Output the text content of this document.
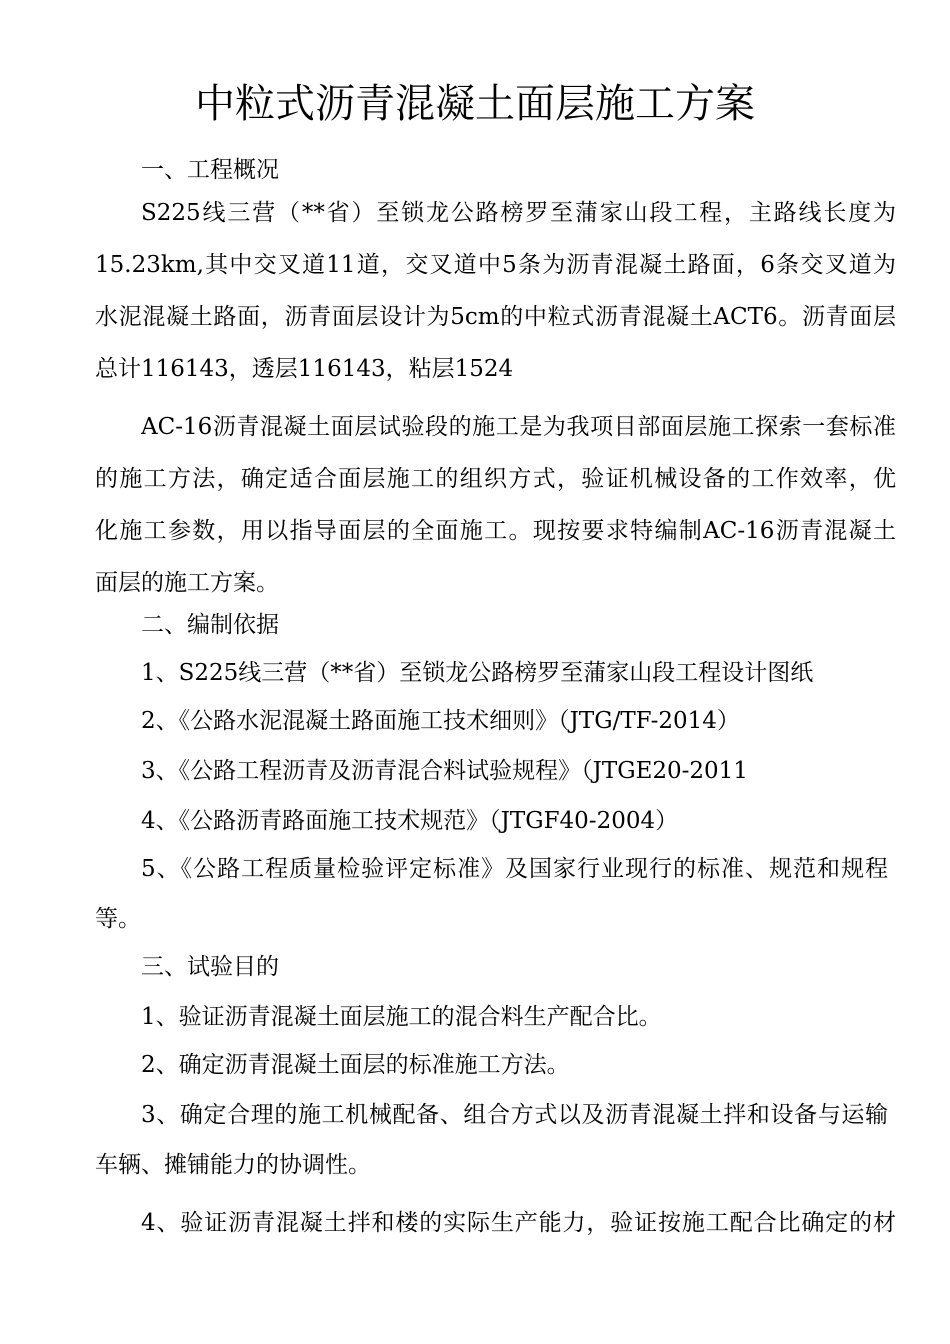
中粒式沥青混凝土面层施工方案
一、工程概况
S225线三营（**省）至锁龙公路榜罗至蒲家山段工程，主路线长度为
15.23km,其中交叉道11道，交叉道中5条为沥青混凝土路面，6条交叉道为
水泥混凝土路面，沥青面层设计为5cm的中粒式沥青混凝土ACT6。沥青面层
总计116143，透层116143，粘层1524
AC-16沥青混凝土面层试验段的施工是为我项目部面层施工探索一套标准
的施工方法，确定适合面层施工的组织方式，验证机械设备的工作效率，优
化施工参数，用以指导面层的全面施工。现按要求特编制AC-16沥青混凝土
面层的施工方案。
二、编制依据
1、S225线三营（**省）至锁龙公路榜罗至蒲家山段工程设计图纸
2、《公路水泥混凝土路面施工技术细则》（JTG/TF-2014）
3、《公路工程沥青及沥青混合料试验规程》（JTGE20-2011
4、《公路沥青路面施工技术规范》（JTGF40-2004）
5、《公路工程质量检验评定标准》及国家行业现行的标准、规范和规程
等。
三、试验目的
1、验证沥青混凝土面层施工的混合料生产配合比。
2、确定沥青混凝土面层的标准施工方法。
3、确定合理的施工机械配备、组合方式以及沥青混凝土拌和设备与运输
车辆、摊铺能力的协调性。
4、验证沥青混凝土拌和楼的实际生产能力，验证按施工配合比确定的材
